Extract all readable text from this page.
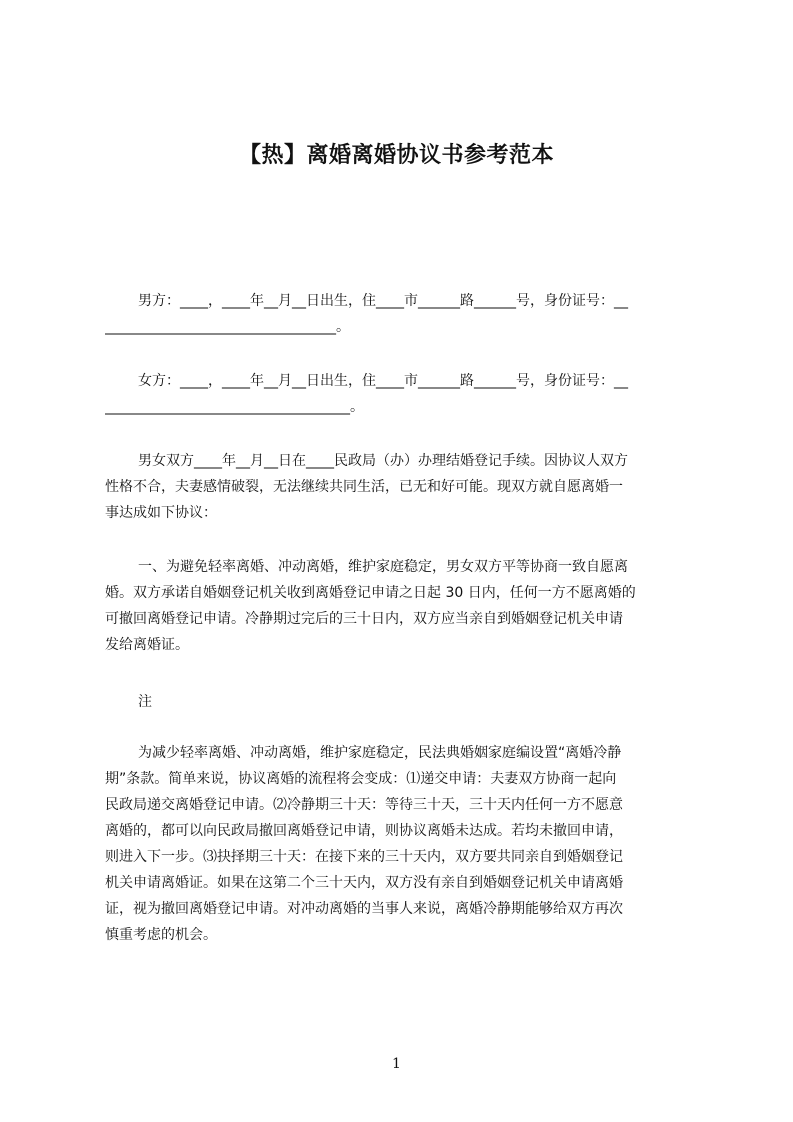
【热】离婚离婚协议书参考范本
男方：____，____年__月__日出生，住____市______路______号，身份证号：__
_________________________________。
女方：____，____年__月__日出生，住____市______路______号，身份证号：__
___________________________________。
男女双方____年__月__日在____民政局（办）办理结婚登记手续。因协议人双方
性格不合，夫妻感情破裂，无法继续共同生活，已无和好可能。现双方就自愿离婚一
事达成如下协议：
一、为避免轻率离婚、冲动离婚，维护家庭稳定，男女双方平等协商一致自愿离
婚。双方承诺自婚姻登记机关收到离婚登记申请之日起 30 日内，任何一方不愿离婚的
可撤回离婚登记申请。冷静期过完后的三十日内，双方应当亲自到婚姻登记机关申请
发给离婚证。
注
为减少轻率离婚、冲动离婚，维护家庭稳定，民法典婚姻家庭编设置“离婚冷静
期”条款。简单来说，协议离婚的流程将会变成：⑴递交申请：夫妻双方协商一起向
民政局递交离婚登记申请。⑵冷静期三十天：等待三十天，三十天内任何一方不愿意
离婚的，都可以向民政局撤回离婚登记申请，则协议离婚未达成。若均未撤回申请，
则进入下一步。⑶抉择期三十天：在接下来的三十天内，双方要共同亲自到婚姻登记
机关申请离婚证。如果在这第二个三十天内，双方没有亲自到婚姻登记机关申请离婚
证，视为撤回离婚登记申请。对冲动离婚的当事人来说，离婚冷静期能够给双方再次
慎重考虑的机会。
1
